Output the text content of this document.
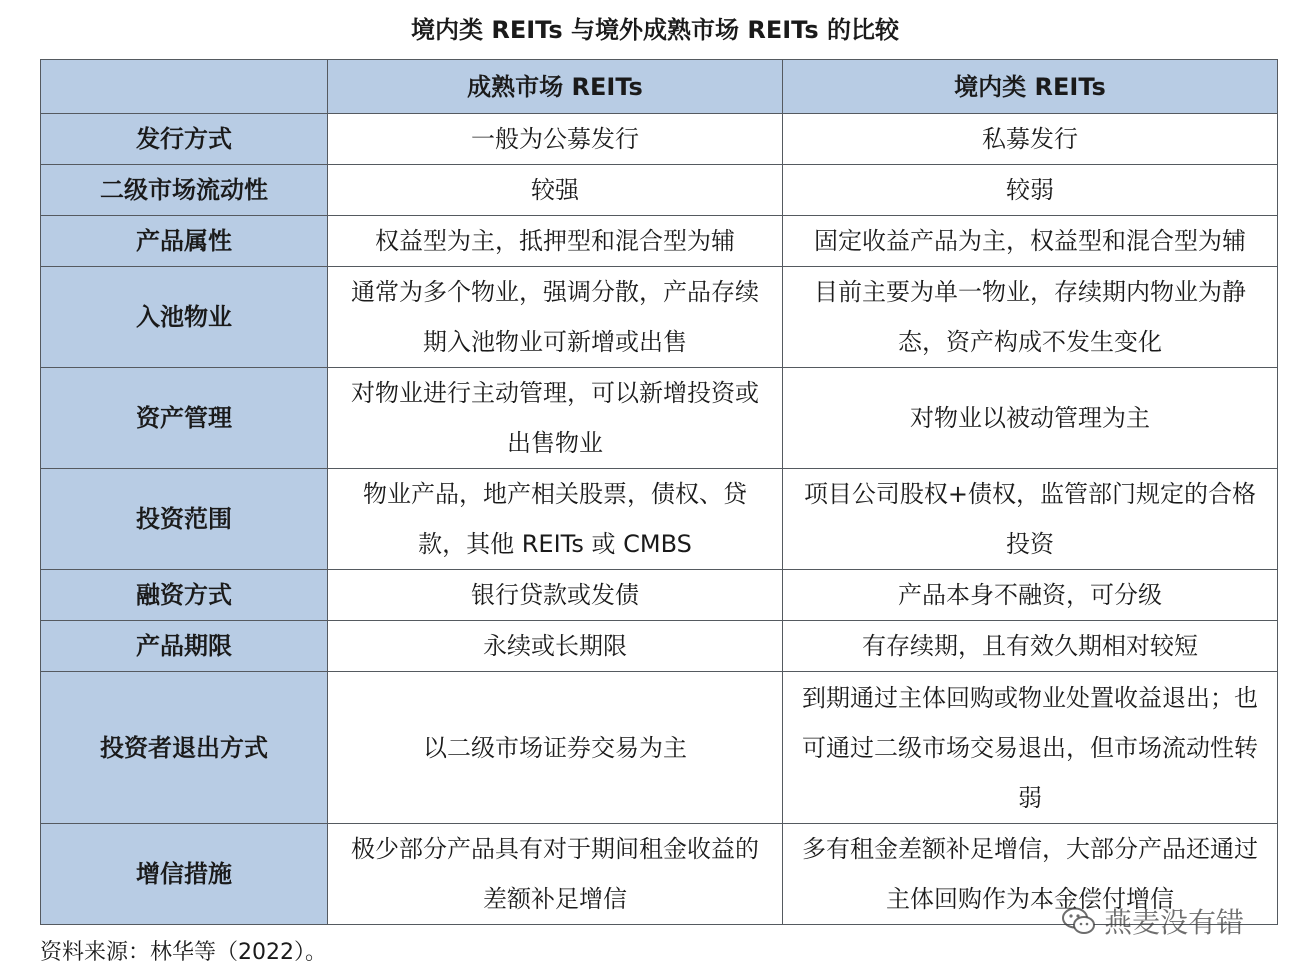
境内类 REITs 与境外成熟市场 REITs 的比较
	成熟市场 REITs	境内类 REITs
发行方式	一般为公募发行	私募发行
二级市场流动性	较强	较弱
产品属性	权益型为主，抵押型和混合型为辅	固定收益产品为主，权益型和混合型为辅
入池物业	通常为多个物业，强调分散，产品存续期入池物业可新增或出售	目前主要为单一物业，存续期内物业为静态，资产构成不发生变化
资产管理	对物业进行主动管理，可以新增投资或出售物业	对物业以被动管理为主
投资范围	物业产品，地产相关股票，债权、贷款，其他 REITs 或 CMBS	项目公司股权+债权，监管部门规定的合格投资
融资方式	银行贷款或发债	产品本身不融资，可分级
产品期限	永续或长期限	有存续期，且有效久期相对较短
投资者退出方式	以二级市场证券交易为主	到期通过主体回购或物业处置收益退出；也可通过二级市场交易退出，但市场流动性转弱
增信措施	极少部分产品具有对于期间租金收益的差额补足增信	多有租金差额补足增信，大部分产品还通过主体回购作为本金偿付增信
资料来源：林华等（2022）。
燕麦没有错
